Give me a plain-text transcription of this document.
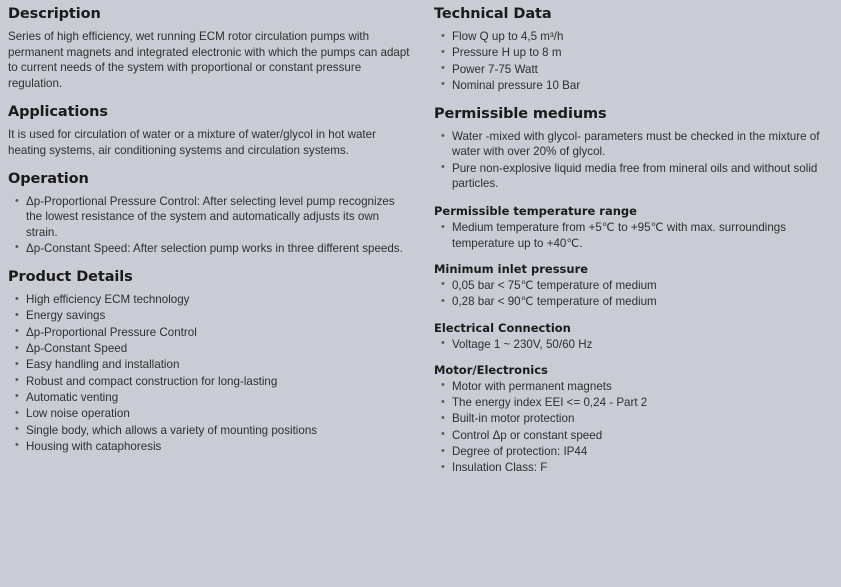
Description

Series of high efficiency, wet running ECM rotor circulation pumps with permanent magnets and integrated electronic with which the pumps can adapt to current needs of the system with proportional or constant pressure regulation.

Applications

It is used for circulation of water or a mixture of water/glycol in hot water heating systems, air conditioning systems and circulation systems.

Operation
• Δp-Proportional Pressure Control: After selecting level pump recognizes the lowest resistance of the system and automatically adjusts its own strain.
• Δp-Constant Speed: After selection pump works in three different speeds.
Product Details
• High efficiency ECM technology
• Energy savings
• Δp-Proportional Pressure Control
• Δp-Constant Speed
• Easy handling and installation
• Robust and compact construction for long-lasting
• Automatic venting
• Low noise operation
• Single body, which allows a variety of mounting positions
• Housing with cataphoresis
Technical Data
• Flow Q up to 4,5 m³/h
• Pressure H up to 8 m
• Power 7-75 Watt
• Nominal pressure 10 Bar
Permissible mediums
• Water -mixed with glycol- parameters must be checked in the mixture of water with over 20% of glycol.
• Pure non-explosive liquid media free from mineral oils and without solid particles.
Permissible temperature range
• Medium temperature from +5℃ to +95℃ with max. surroundings temperature up to +40℃.
Minimum inlet pressure
• 0,05 bar < 75℃ temperature of medium
• 0,28 bar < 90℃ temperature of medium
Electrical Connection
• Voltage 1 ~ 230V, 50/60 Hz
Motor/Electronics
• Motor with permanent magnets
• The energy index EEI <= 0,24 - Part 2
• Built-in motor protection
• Control Δp or constant speed
• Degree of protection: IP44
• Insulation Class: F
